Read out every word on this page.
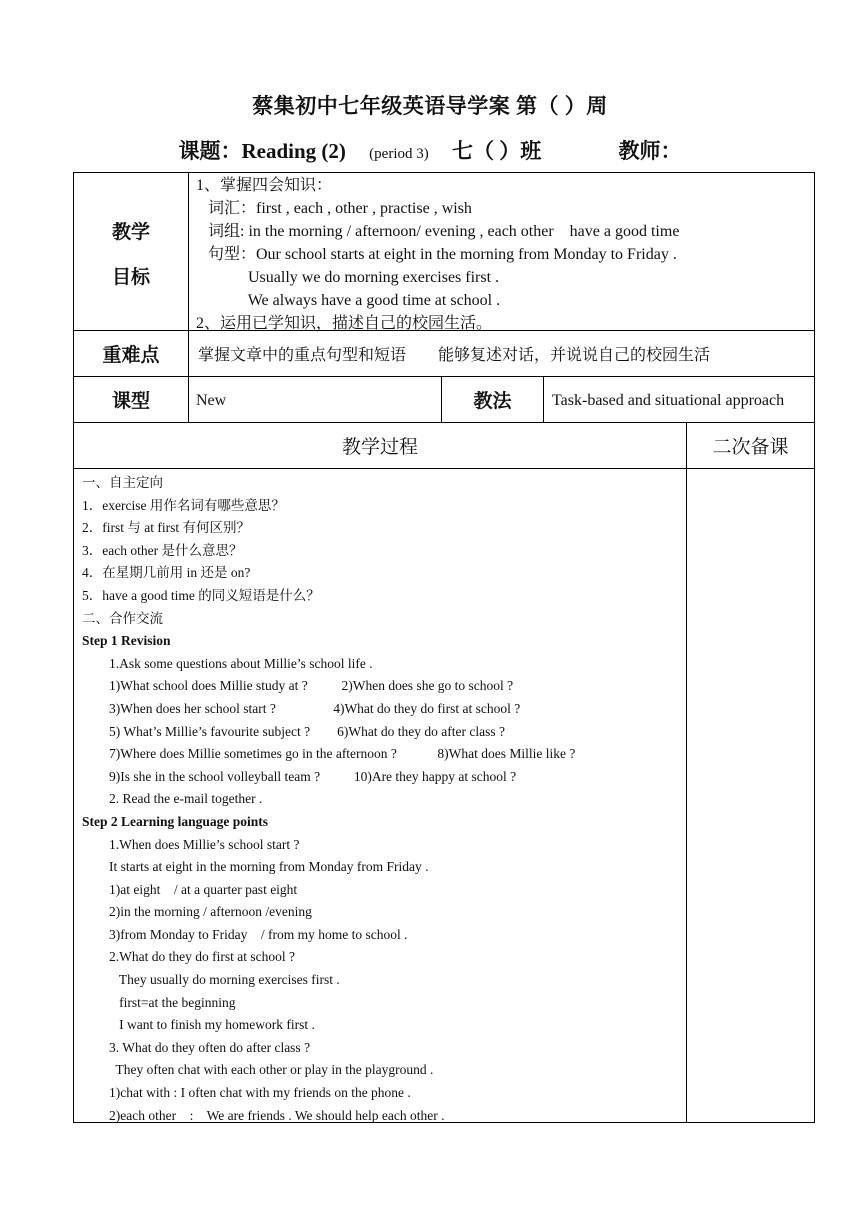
蔡集初中七年级英语导学案 第（ ）周
课题：Reading (2) (period 3) 七（ ）班	教师：
教学
目标
1、掌握四会知识：
词汇：first , each , other , practise , wish
词组: in the morning / afternoon/ evening , each other    have a good time
句型：Our school starts at eight in the morning from Monday to Friday .
Usually we do morning exercises first .
We always have a good time at school .
2、运用已学知识，描述自己的校园生活。
重难点	掌握文章中的重点句型和短语        能够复述对话，并说说自己的校园生活
课型	New	教法	Task-based and situational approach
教学过程	二次备课
一、自主定向
1．exercise 用作名词有哪些意思？
2．first 与 at first 有何区别？
3．each other 是什么意思？
4．在星期几前用 in 还是 on?
5．have a good time 的同义短语是什么？
二、合作交流
Step 1 Revision
1.Ask some questions about Millie’s school life .
1)What school does Millie study at ?          2)When does she go to school ?
3)When does her school start ?                 4)What do they do first at school ?
5) What’s Millie’s favourite subject ?        6)What do they do after class ?
7)Where does Millie sometimes go in the afternoon ?            8)What does Millie like ?
9)Is she in the school volleyball team ?          10)Are they happy at school ?
2. Read the e-mail together .
Step 2 Learning language points
1.When does Millie’s school start ?
It starts at eight in the morning from Monday from Friday .
1)at eight    / at a quarter past eight
2)in the morning / afternoon /evening
3)from Monday to Friday    / from my home to school .
2.What do they do first at school ?
They usually do morning exercises first .
first=at the beginning
I want to finish my homework first .
3. What do they often do after class ?
They often chat with each other or play in the playground .
1)chat with : I often chat with my friends on the phone .
2)each other    :    We are friends . We should help each other .
